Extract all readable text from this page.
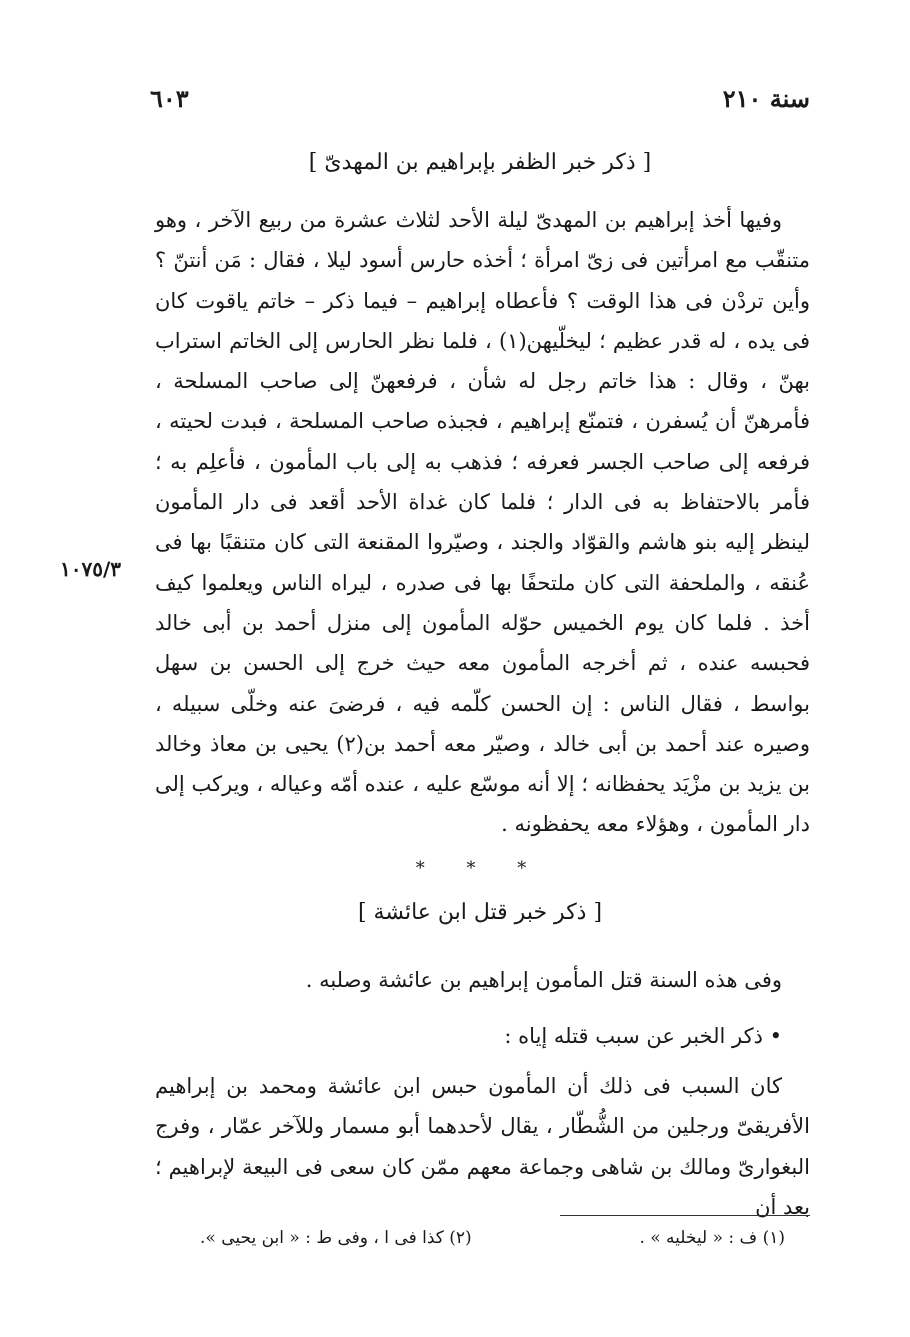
٦٠٣	سنة ٢١٠
[ ذكر خبر الظفر بإبراهيم بن المهدىّ ]

وفيها أخذ إبراهيم بن المهدىّ ليلة الأحد لثلاث عشرة من ربيع الآخر ، وهو متنقّب مع امرأتين فى زىّ امرأة ؛ أخذه حارس أسود ليلا ، فقال : مَن أنتنّ ؟ وأين تردْن فى هذا الوقت ؟ فأعطاه إبراهيم – فيما ذكر – خاتم ياقوت كان فى يده ، له قدر عظيم ؛ ليخلّيهن(١) ، فلما نظر الحارس إلى الخاتم استراب بهنّ ، وقال : هذا خاتم رجل له شأن ، فرفعهنّ إلى صاحب المسلحة ، فأمرهنّ أن يُسفرن ، فتمنّع إبراهيم ، فجبذه صاحب المسلحة ، فبدت لحيته ، فرفعه إلى صاحب الجسر فعرفه ؛ فذهب به إلى باب المأمون ، فأعلِم به ؛ فأمر بالاحتفاظ به فى الدار ؛ فلما كان غداة الأحد أقعد فى دار المأمون لينظر إليه بنو هاشم والقوّاد والجند ، وصيّروا المقنعة التى كان متنقبًا بها فى عُنقه ، والملحفة التى كان ملتحفًا بها فى صدره ، ليراه الناس ويعلموا كيف أخذ . فلما كان يوم الخميس حوّله المأمون إلى منزل أحمد بن أبى خالد فحبسه عنده ، ثم أخرجه المأمون معه حيث خرج إلى الحسن بن سهل بواسط ، فقال الناس : إن الحسن كلّمه فيه ، فرضىَ عنه وخلّى سبيله ، وصيره عند أحمد بن أبى خالد ، وصيّر معه أحمد بن(٢) يحيى بن معاذ وخالد بن يزيد بن مزْيَد يحفظانه ؛ إلا أنه موسّع عليه ، عنده أمّه وعياله ، ويركب إلى دار المأمون ، وهؤلاء معه يحفظونه .

١٠٧٥/٣
* * *
[ ذكر خبر قتل ابن عائشة ]

وفى هذه السنة قتل المأمون إبراهيم بن عائشة وصلبه .

• ذكر الخبر عن سبب قتله إياه :

كان السبب فى ذلك أن المأمون حبس ابن عائشة ومحمد بن إبراهيم الأفريقىّ ورجلين من الشُّطّار ، يقال لأحدهما أبو مسمار وللآخر عمّار ، وفرج البغوارىّ ومالك بن شاهى وجماعة معهم ممّن كان سعى فى البيعة لإبراهيم ؛ بعد أن

(١) ف : « ليخليه » .
(٢) كذا فى ا ، وفى ط : « ابن يحيى ».
